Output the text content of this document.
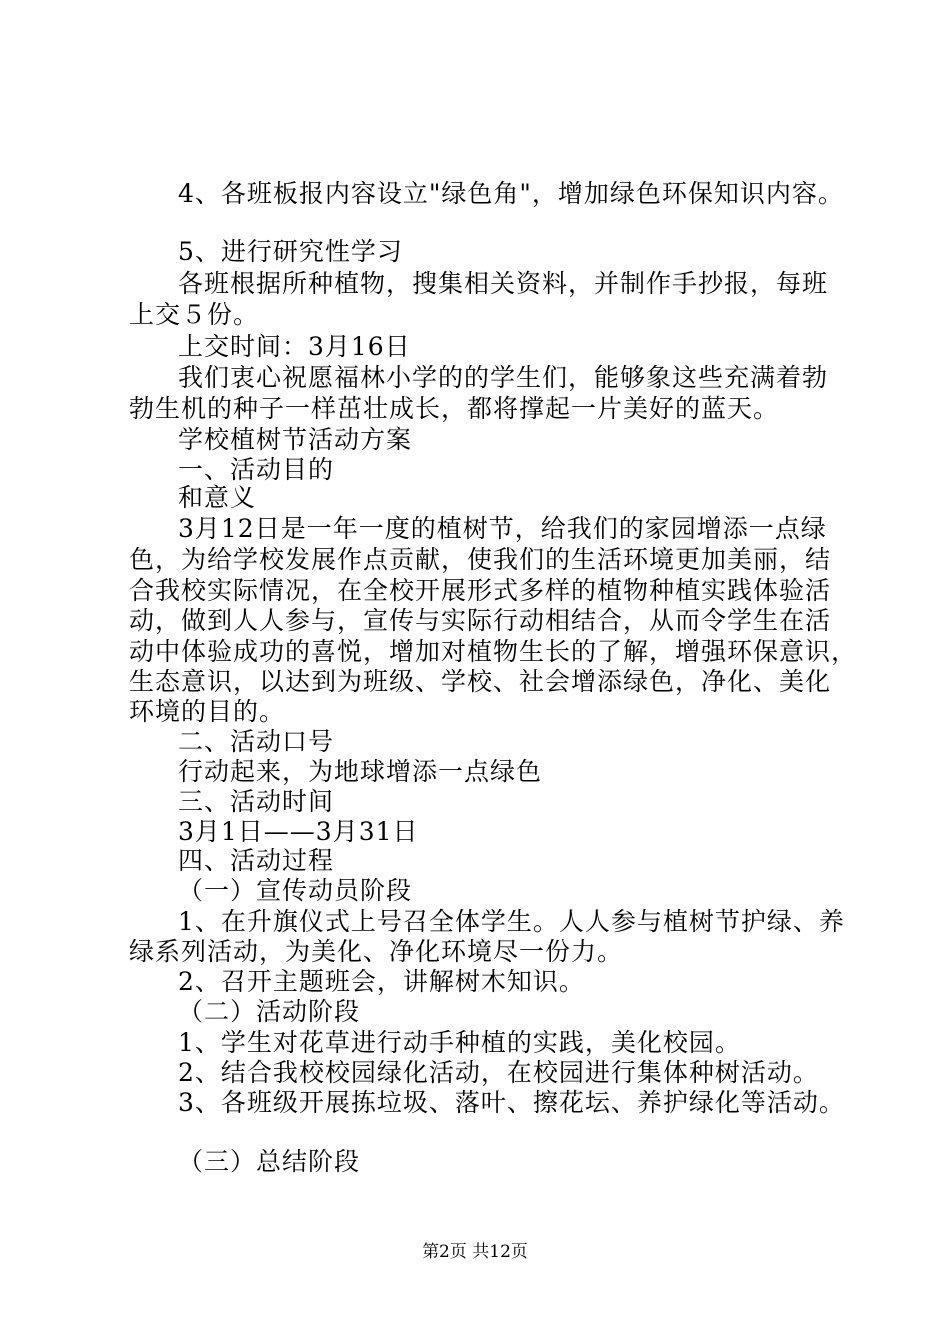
4、各班板报内容设立"绿色角"，增加绿色环保知识内容。
5、进行研究性学习
各班根据所种植物，搜集相关资料，并制作手抄报，每班
上交５份。
上交时间：3月16日
我们衷心祝愿福林小学的的学生们，能够象这些充满着勃
勃生机的种子一样茁壮成长，都将撑起一片美好的蓝天。
学校植树节活动方案
一、活动目的
和意义
3月12日是一年一度的植树节，给我们的家园增添一点绿
色，为给学校发展作点贡献，使我们的生活环境更加美丽，结
合我校实际情况，在全校开展形式多样的植物种植实践体验活
动，做到人人参与，宣传与实际行动相结合，从而令学生在活
动中体验成功的喜悦，增加对植物生长的了解，增强环保意识，
生态意识，以达到为班级、学校、社会增添绿色，净化、美化
环境的目的。
二、活动口号
行动起来，为地球增添一点绿色
三、活动时间
3月1日——3月31日
四、活动过程
（一）宣传动员阶段
1、在升旗仪式上号召全体学生。人人参与植树节护绿、养
绿系列活动，为美化、净化环境尽一份力。
2、召开主题班会，讲解树木知识。
（二）活动阶段
1、学生对花草进行动手种植的实践，美化校园。
2、结合我校校园绿化活动，在校园进行集体种树活动。
3、各班级开展拣垃圾、落叶、擦花坛、养护绿化等活动。
（三）总结阶段
第2页 共12页
